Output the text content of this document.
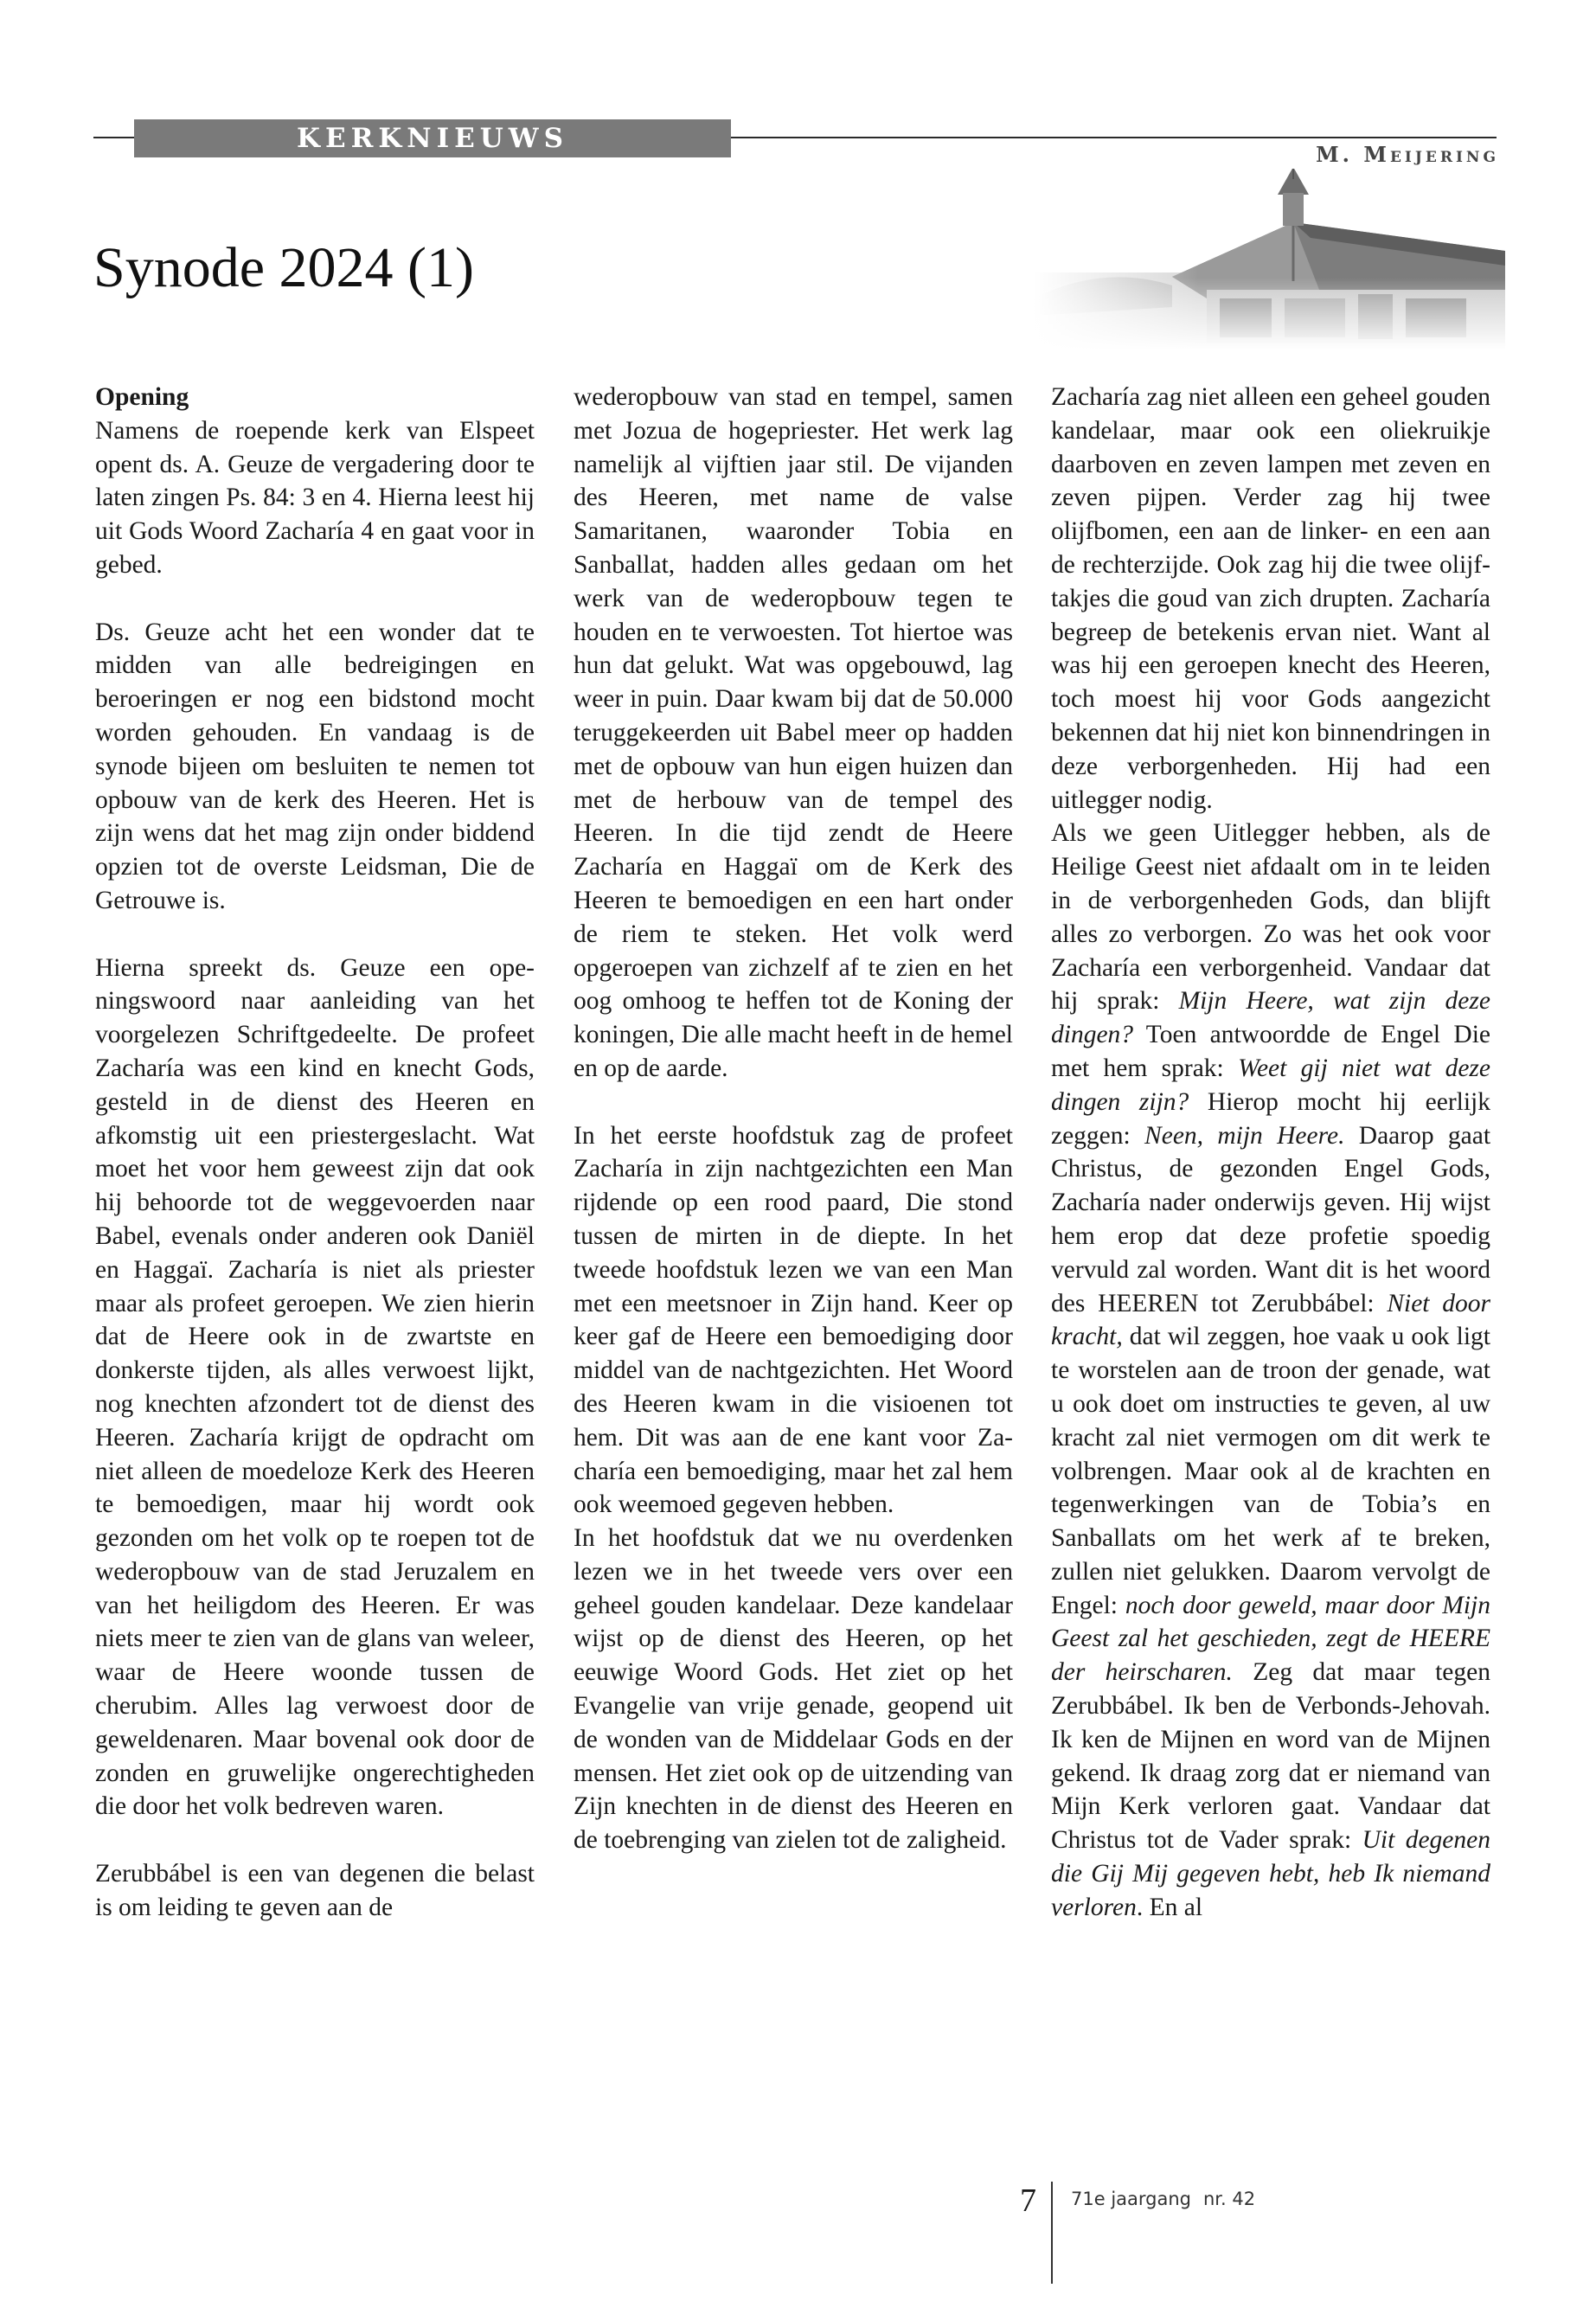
KERKNIEUWS
M. Meijering
Synode 2024 (1)
Opening

Namens de roepende kerk van Elspeet opent ds. A. Geuze de vergadering door te laten zingen Ps. 84: 3 en 4. Hierna leest hij uit Gods Woord Zacharía 4 en gaat voor in gebed.

Ds. Geuze acht het een wonder dat te midden van alle bedreigingen en beroeringen er nog een bidstond mocht worden gehouden. En vandaag is de synode bijeen om besluiten te nemen tot opbouw van de kerk des Heeren. Het is zijn wens dat het mag zijn onder biddend opzien tot de overste Leidsman, Die de Getrouwe is.

Hierna spreekt ds. Geuze een openingswoord naar aanleiding van het voorgelezen Schriftgedeelte. De profeet Zacharía was een kind en knecht Gods, gesteld in de dienst des Heeren en afkomstig uit een priestergeslacht. Wat moet het voor hem geweest zijn dat ook hij behoorde tot de weggevoerden naar Babel, evenals onder anderen ook Daniël en Haggaï. Zacharía is niet als priester maar als profeet geroepen. We zien hierin dat de Heere ook in de zwartste en donkerste tijden, als alles verwoest lijkt, nog knechten afzondert tot de dienst des Heeren. Zacharía krijgt de opdracht om niet alleen de moedeloze Kerk des Heeren te bemoedigen, maar hij wordt ook gezonden om het volk op te roepen tot de wederopbouw van de stad Jeruzalem en van het heiligdom des Heeren. Er was niets meer te zien van de glans van weleer, waar de Heere woonde tussen de cherubim. Alles lag verwoest door de geweldenaren. Maar bovenal ook door de zonden en gruwelijke ongerechtigheden die door het volk bedreven waren.

Zerubbábel is een van degenen die belast is om leiding te geven aan de

wederopbouw van stad en tempel, samen met Jozua de hogepriester. Het werk lag namelijk al vijftien jaar stil. De vijanden des Heeren, met name de valse Samaritanen, waaronder Tobia en Sanballat, hadden alles gedaan om het werk van de wederopbouw tegen te houden en te verwoesten. Tot hiertoe was hun dat gelukt. Wat was opgebouwd, lag weer in puin. Daar kwam bij dat de 50.000 teruggekeerden uit Babel meer op hadden met de opbouw van hun eigen huizen dan met de herbouw van de tempel des Heeren. In die tijd zendt de Heere Zacharía en Haggaï om de Kerk des Heeren te bemoedigen en een hart onder de riem te steken. Het volk werd opgeroepen van zichzelf af te zien en het oog omhoog te heffen tot de Koning der koningen, Die alle macht heeft in de hemel en op de aarde.

In het eerste hoofdstuk zag de profeet Zacharía in zijn nachtgezichten een Man rijdende op een rood paard, Die stond tussen de mirten in de diepte. In het tweede hoofdstuk lezen we van een Man met een meetsnoer in Zijn hand. Keer op keer gaf de Heere een bemoediging door middel van de nachtgezichten. Het Woord des Heeren kwam in die visioenen tot hem. Dit was aan de ene kant voor Zacharía een bemoediging, maar het zal hem ook weemoed gegeven hebben.

In het hoofdstuk dat we nu overdenken lezen we in het tweede vers over een geheel gouden kandelaar. Deze kandelaar wijst op de dienst des Heeren, op het eeuwige Woord Gods. Het ziet op het Evangelie van vrije genade, geopend uit de wonden van de Middelaar Gods en der mensen. Het ziet ook op de uitzending van Zijn knechten in de dienst des Heeren en de toebrenging van zielen tot de zaligheid.

Zacharía zag niet alleen een geheel gouden kandelaar, maar ook een oliekruikje daarboven en zeven lampen met zeven en zeven pijpen. Verder zag hij twee olijfbomen, een aan de linker- en een aan de rechterzijde. Ook zag hij die twee olijftakjes die goud van zich drupten. Zacharía begreep de betekenis ervan niet. Want al was hij een geroepen knecht des Heeren, toch moest hij voor Gods aangezicht bekennen dat hij niet kon binnendringen in deze verborgenheden. Hij had een uitlegger nodig.

Als we geen Uitlegger hebben, als de Heilige Geest niet afdaalt om in te leiden in de verborgenheden Gods, dan blijft alles zo verborgen. Zo was het ook voor Zacharía een verborgenheid. Vandaar dat hij sprak: Mijn Heere, wat zijn deze dingen? Toen antwoordde de Engel Die met hem sprak: Weet gij niet wat deze dingen zijn? Hierop mocht hij eerlijk zeggen: Neen, mijn Heere. Daarop gaat Christus, de gezonden Engel Gods, Zacharía nader onderwijs geven. Hij wijst hem erop dat deze profetie spoedig vervuld zal worden. Want dit is het woord des HEEREN tot Zerubbábel: Niet door kracht, dat wil zeggen, hoe vaak u ook ligt te worstelen aan de troon der genade, wat u ook doet om instructies te geven, al uw kracht zal niet vermogen om dit werk te volbrengen. Maar ook al de krachten en tegenwerkingen van de Tobia’s en Sanballats om het werk af te breken, zullen niet gelukken. Daarom vervolgt de Engel: noch door geweld, maar door Mijn Geest zal het geschieden, zegt de HEERE der heirscharen. Zeg dat maar tegen Zerubbábel. Ik ben de Verbonds-Jehovah. Ik ken de Mijnen en word van de Mijnen gekend. Ik draag zorg dat er niemand van Mijn Kerk verloren gaat. Vandaar dat Christus tot de Vader sprak: Uit degenen die Gij Mij gegeven hebt, heb Ik niemand verloren. En al

7 71e jaargang nr. 42
